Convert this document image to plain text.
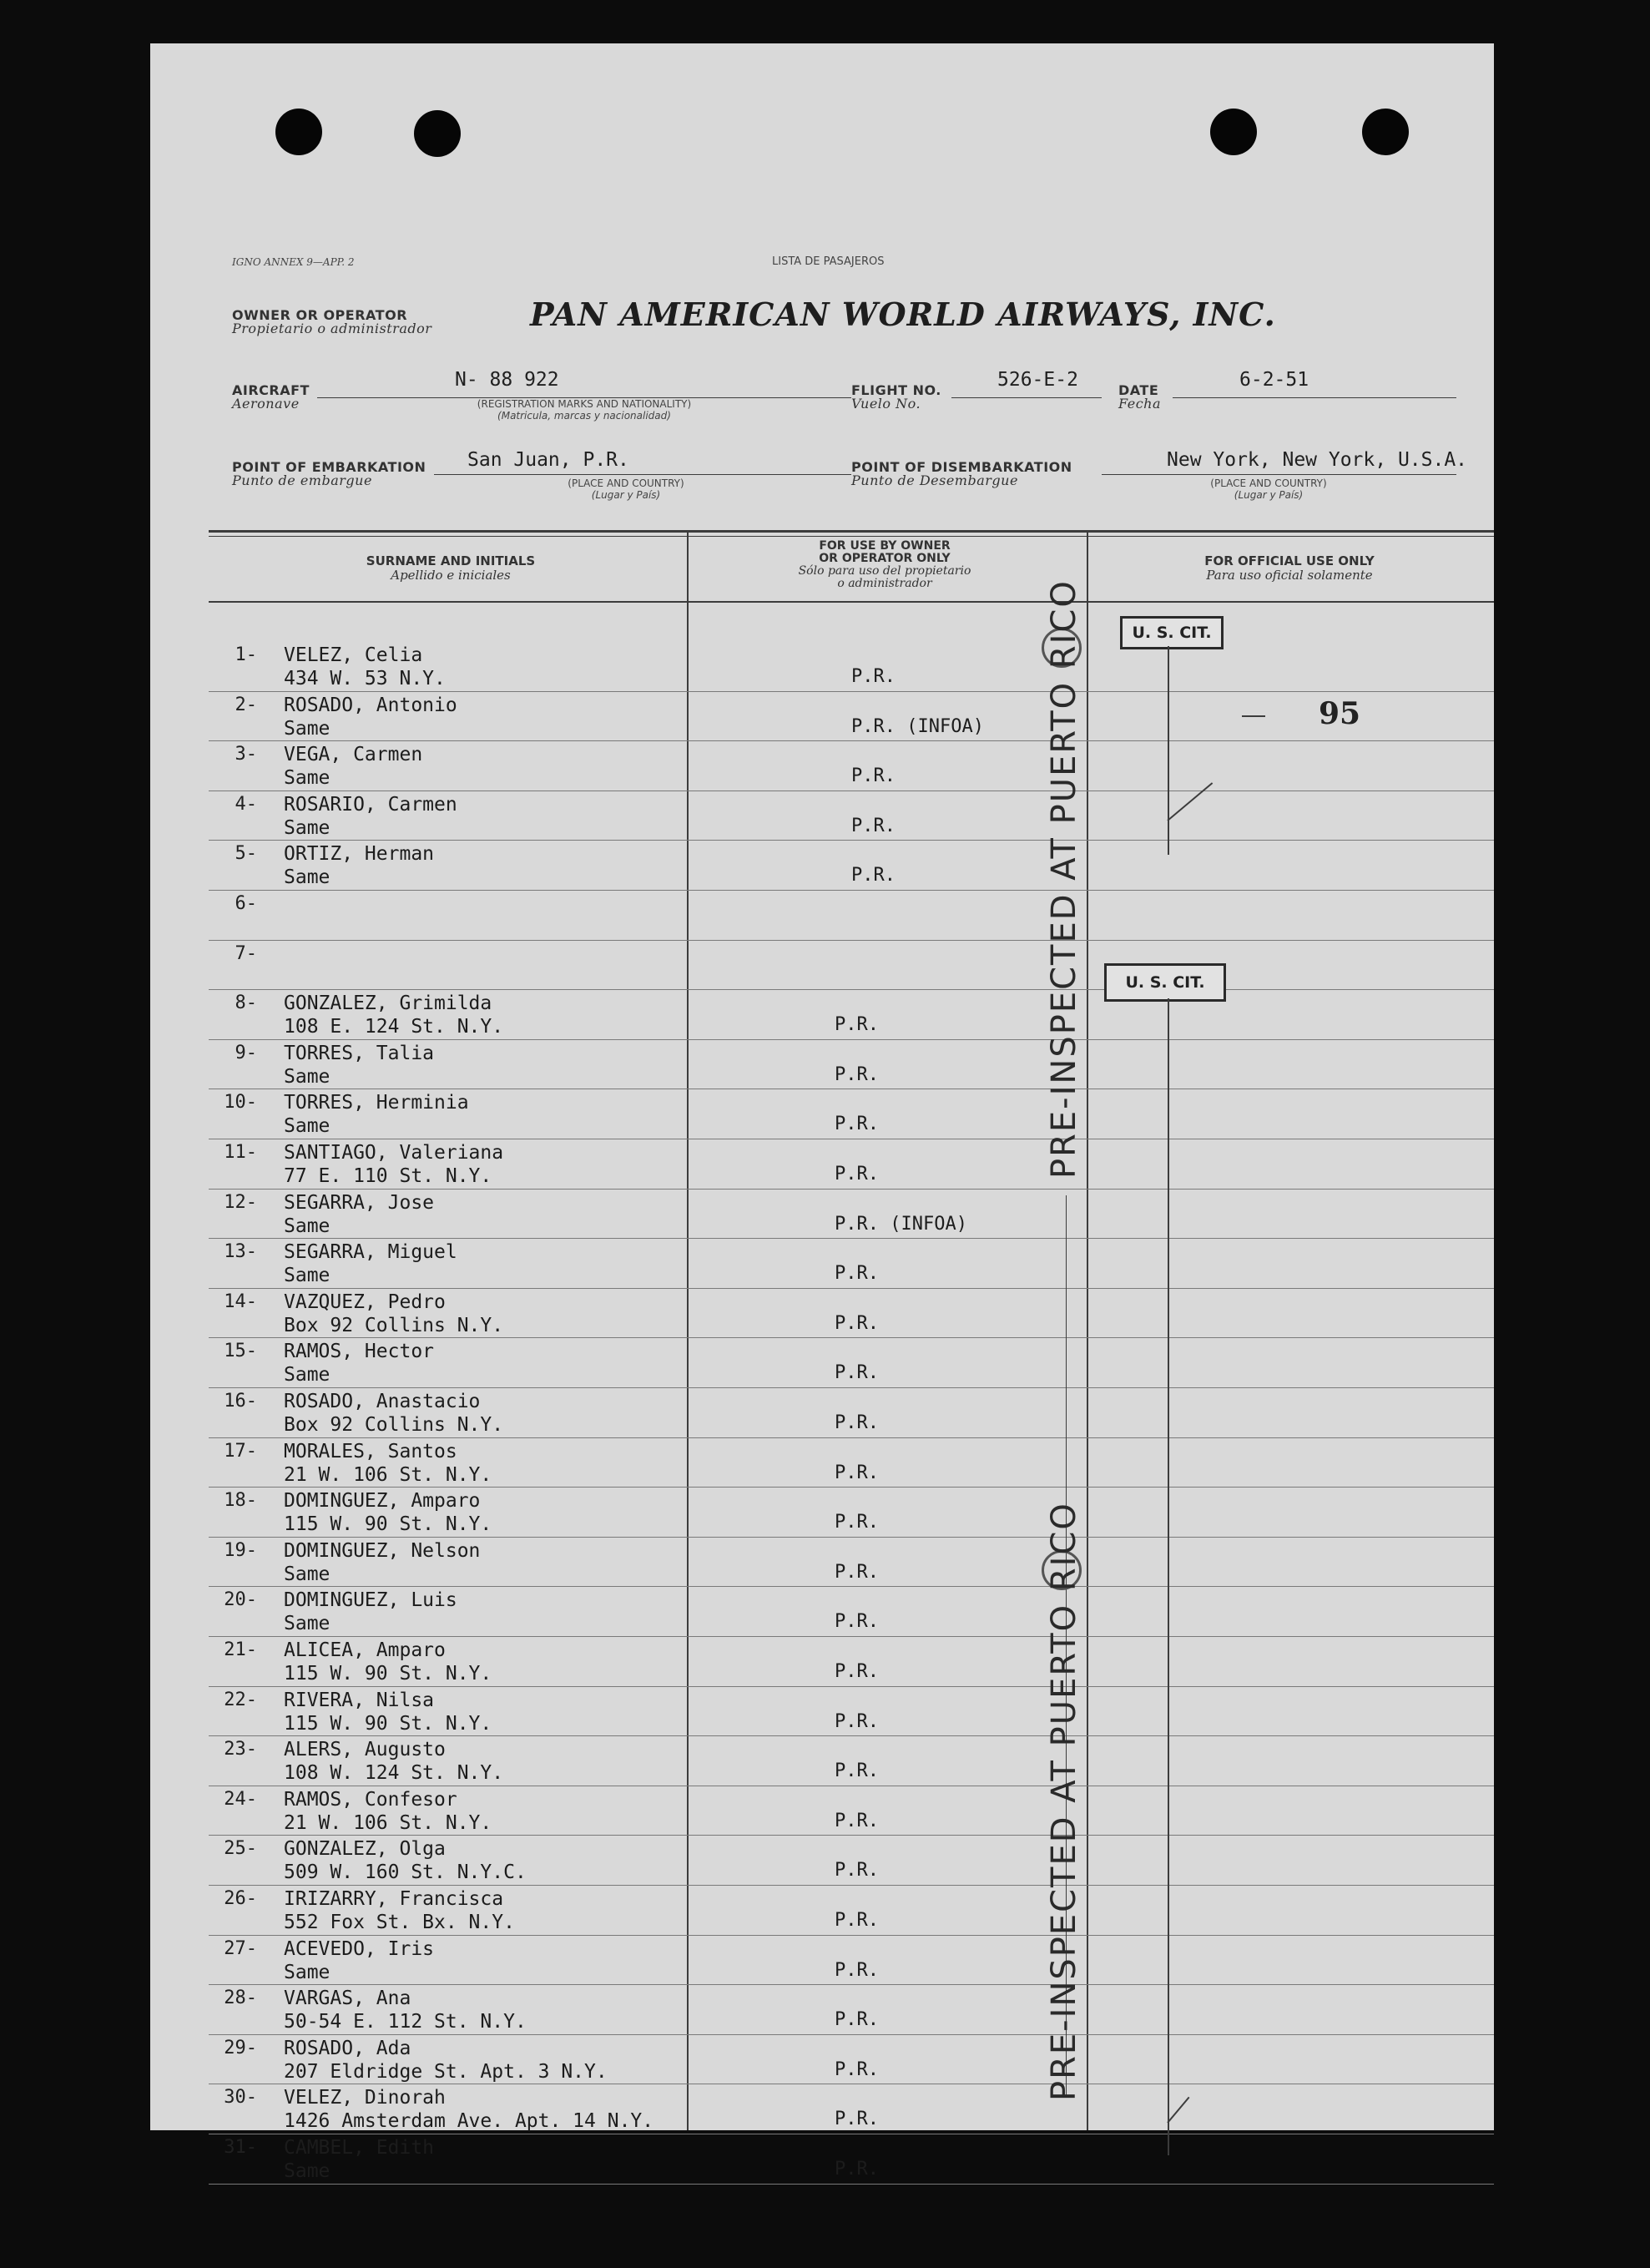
IGNO ANNEX 9—APP. 2	LISTA DE PASAJEROS
OWNER OR OPERATOR
Propietario o administrador	PAN AMERICAN WORLD AIRWAYS, INC.
AIRCRAFT
Aeronave
N- 88 922
(REGISTRATION MARKS AND NATIONALITY)
(Matricula, marcas y nacionalidad)
FLIGHT NO.
Vuelo No.
526-E-2	DATE
Fecha
6-2-51
POINT OF EMBARKATION
Punto de embargue
San Juan, P.R.
(PLACE AND COUNTRY)
(Lugar y País)
POINT OF DISEMBARKATION
Punto de Desembargue
New York, New York, U.S.A.
(PLACE AND COUNTRY)
(Lugar y País)
SURNAME AND INITIALS
Apellido e iniciales
FOR USE BY OWNER
OR OPERATOR ONLY
Sólo para uso del propietario
o administrador
FOR OFFICIAL USE ONLY
Para uso oficial solamente
1- VELEZ, Celia
434 W. 53 N.Y.	P.R.
2- ROSADO, Antonio
Same	P.R. (INFOA)
3- VEGA, Carmen
Same	P.R.
4- ROSARIO, Carmen
Same	P.R.
5- ORTIZ, Herman
Same	P.R.
6-
7-
8- GONZALEZ, Grimilda
108 E. 124 St. N.Y.	P.R.
9- TORRES, Talia
Same	P.R.
10- TORRES, Herminia
Same	P.R.
11- SANTIAGO, Valeriana
77 E. 110 St. N.Y.	P.R.
12- SEGARRA, Jose
Same	P.R. (INFOA)
13- SEGARRA, Miguel
Same	P.R.
14- VAZQUEZ, Pedro
Box 92 Collins N.Y.	P.R.
15- RAMOS, Hector
Same	P.R.
16- ROSADO, Anastacio
Box 92 Collins N.Y.	P.R.
17- MORALES, Santos
21 W. 106 St. N.Y.	P.R.
18- DOMINGUEZ, Amparo
115 W. 90 St. N.Y.	P.R.
19- DOMINGUEZ, Nelson
Same	P.R.
20- DOMINGUEZ, Luis
Same	P.R.
21- ALICEA, Amparo
115 W. 90 St. N.Y.	P.R.
22- RIVERA, Nilsa
115 W. 90 St. N.Y.	P.R.
23- ALERS, Augusto
108 W. 124 St. N.Y.	P.R.
24- RAMOS, Confesor
21 W. 106 St. N.Y.	P.R.
25- GONZALEZ, Olga
509 W. 160 St. N.Y.C.	P.R.
26- IRIZARRY, Francisca
552 Fox St. Bx. N.Y.	P.R.
27- ACEVEDO, Iris
Same	P.R.
28- VARGAS, Ana
50-54 E. 112 St. N.Y.	P.R.
29- ROSADO, Ada
207 Eldridge St. Apt. 3 N.Y.	P.R.
30- VELEZ, Dinorah
1426 Amsterdam Ave. Apt. 14 N.Y.	P.R.
31- CAMBEL, Edith
Same	P.R.
U. S. CIT.
95
U. S. CIT.
PRE-INSPECTED AT PUERTO RICO
PRE-INSPECTED AT PUERTO RICO
